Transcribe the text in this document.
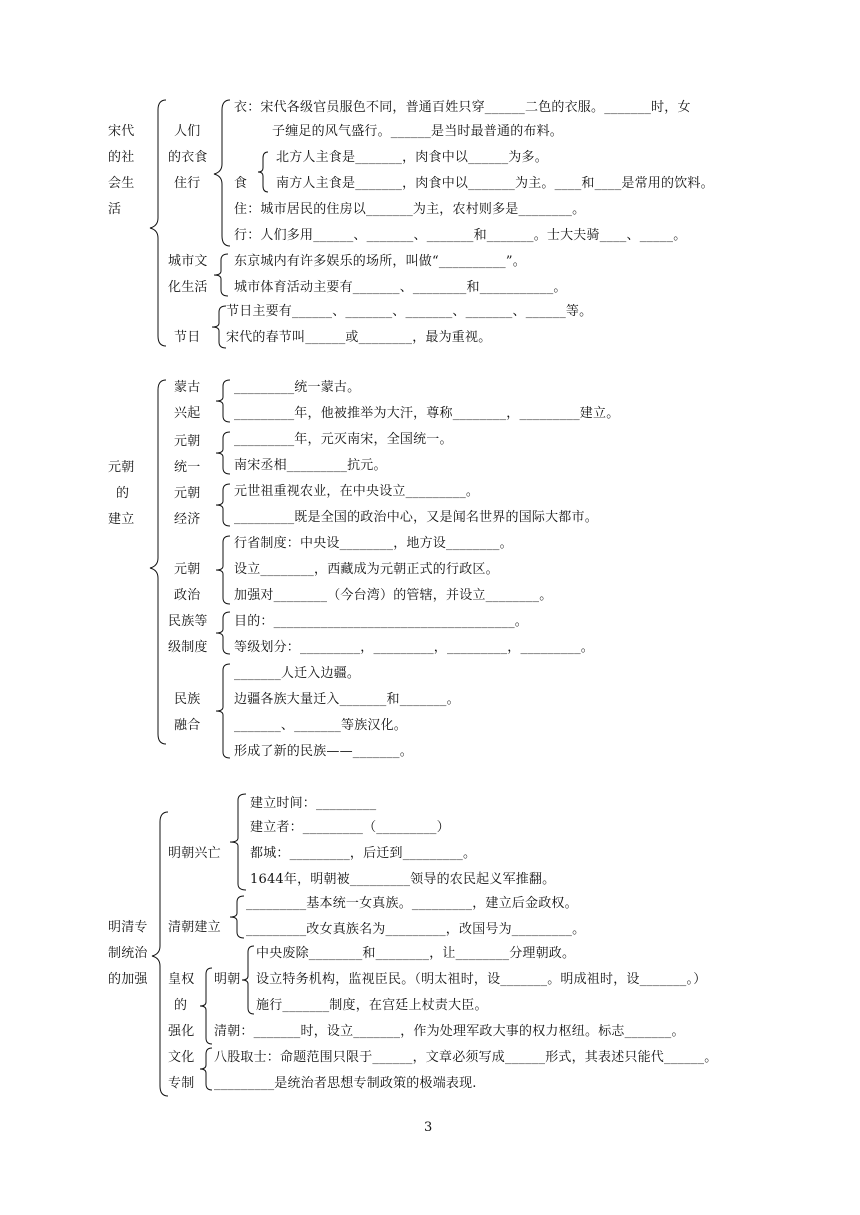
宋代
的社
会生
活
人们
的衣食
住行
衣：宋代各级官员服色不同，普通百姓只穿______二色的衣服。_______时，女
子缠足的风气盛行。______是当时最普通的布料。
食
北方人主食是_______，肉食中以______为多。
南方人主食是_______，肉食中以_______为主。____和____是常用的饮料。
住：城市居民的住房以_______为主，农村则多是________。
行：人们多用______、_______、_______和_______。士大夫骑____、_____。
城市文
化生活
东京城内有许多娱乐的场所，叫做“__________”。
城市体育活动主要有_______、________和___________。
节日
节日主要有______、_______、_______、_______、______等。
宋代的春节叫______或________，最为重视。
元朝
的
建立
蒙古
兴起
_________统一蒙古。
_________年，他被推举为大汗，尊称________，_________建立。
元朝
统一
_________年，元灭南宋，全国统一。
南宋丞相_________抗元。
元朝
经济
元世祖重视农业，在中央设立_________。
_________既是全国的政治中心，又是闻名世界的国际大都市。
元朝
政治
行省制度：中央设________，地方设________。
设立________，西藏成为元朝正式的行政区。
加强对________（今台湾）的管辖，并设立________。
民族等
级制度
目的：____________________________________。
等级划分：_________，_________，_________，_________。
民族
融合
_______人迁入边疆。
边疆各族大量迁入_______和_______。
_______、_______等族汉化。
形成了新的民族——_______。
明清专
制统治
的加强
明朝兴亡
建立时间：_________
建立者：_________（_________）
都城：_________，后迁到_________。
1644年，明朝被_________领导的农民起义军推翻。
清朝建立
_________基本统一女真族。_________，建立后金政权。
_________改女真族名为_________，改国号为_________。
皇权
的
强化
明朝
中央废除________和________，让________分理朝政。
设立特务机构，监视臣民。（明太祖时，设_______。明成祖时，设_______。）
施行_______制度，在宫廷上杖责大臣。
清朝：_______时，设立_______，作为处理军政大事的权力枢纽。标志_______。
文化
专制
八股取士：命题范围只限于______，文章必须写成______形式，其表述只能代______。
_________是统治者思想专制政策的极端表现.
3
